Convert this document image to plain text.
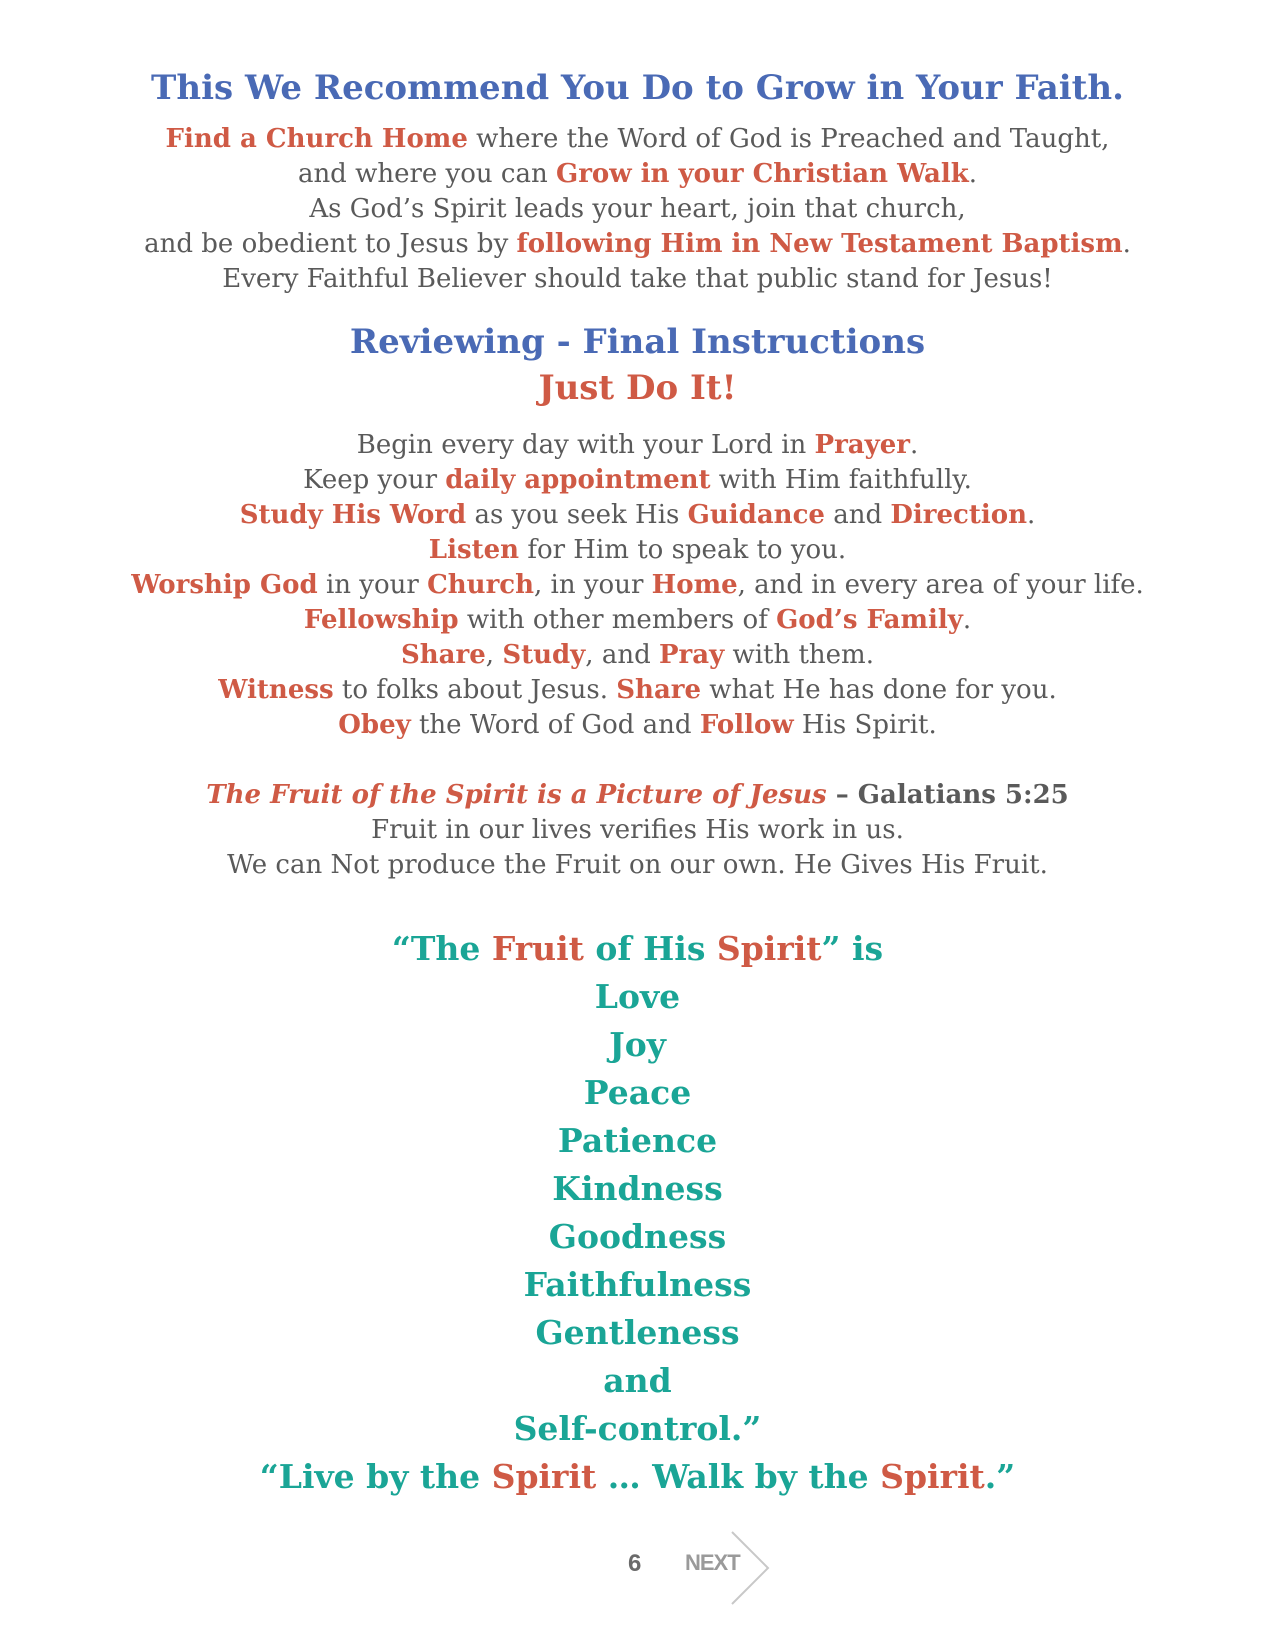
This We Recommend You Do to Grow in Your Faith.

Find a Church Home where the Word of God is Preached and Taught,

and where you can Grow in your Christian Walk.

As God’s Spirit leads your heart, join that church,

and be obedient to Jesus by following Him in New Testament Baptism.

Every Faithful Believer should take that public stand for Jesus!

Reviewing - Final Instructions
Just Do It!

Begin every day with your Lord in Prayer.

Keep your daily appointment with Him faithfully.

Study His Word as you seek His Guidance and Direction.

Listen for Him to speak to you.

Worship God in your Church, in your Home, and in every area of your life.

Fellowship with other members of God’s Family.

Share, Study, and Pray with them.

Witness to folks about Jesus. Share what He has done for you.

Obey the Word of God and Follow His Spirit.

The Fruit of the Spirit is a Picture of Jesus – Galatians 5:25

Fruit in our lives verifies His work in us.

We can Not produce the Fruit on our own. He Gives His Fruit.

“The Fruit of His Spirit” is

Love

Joy

Peace

Patience

Kindness

Goodness

Faithfulness

Gentleness

and

Self-control.”

“Live by the Spirit … Walk by the Spirit.”

6 NEXT
